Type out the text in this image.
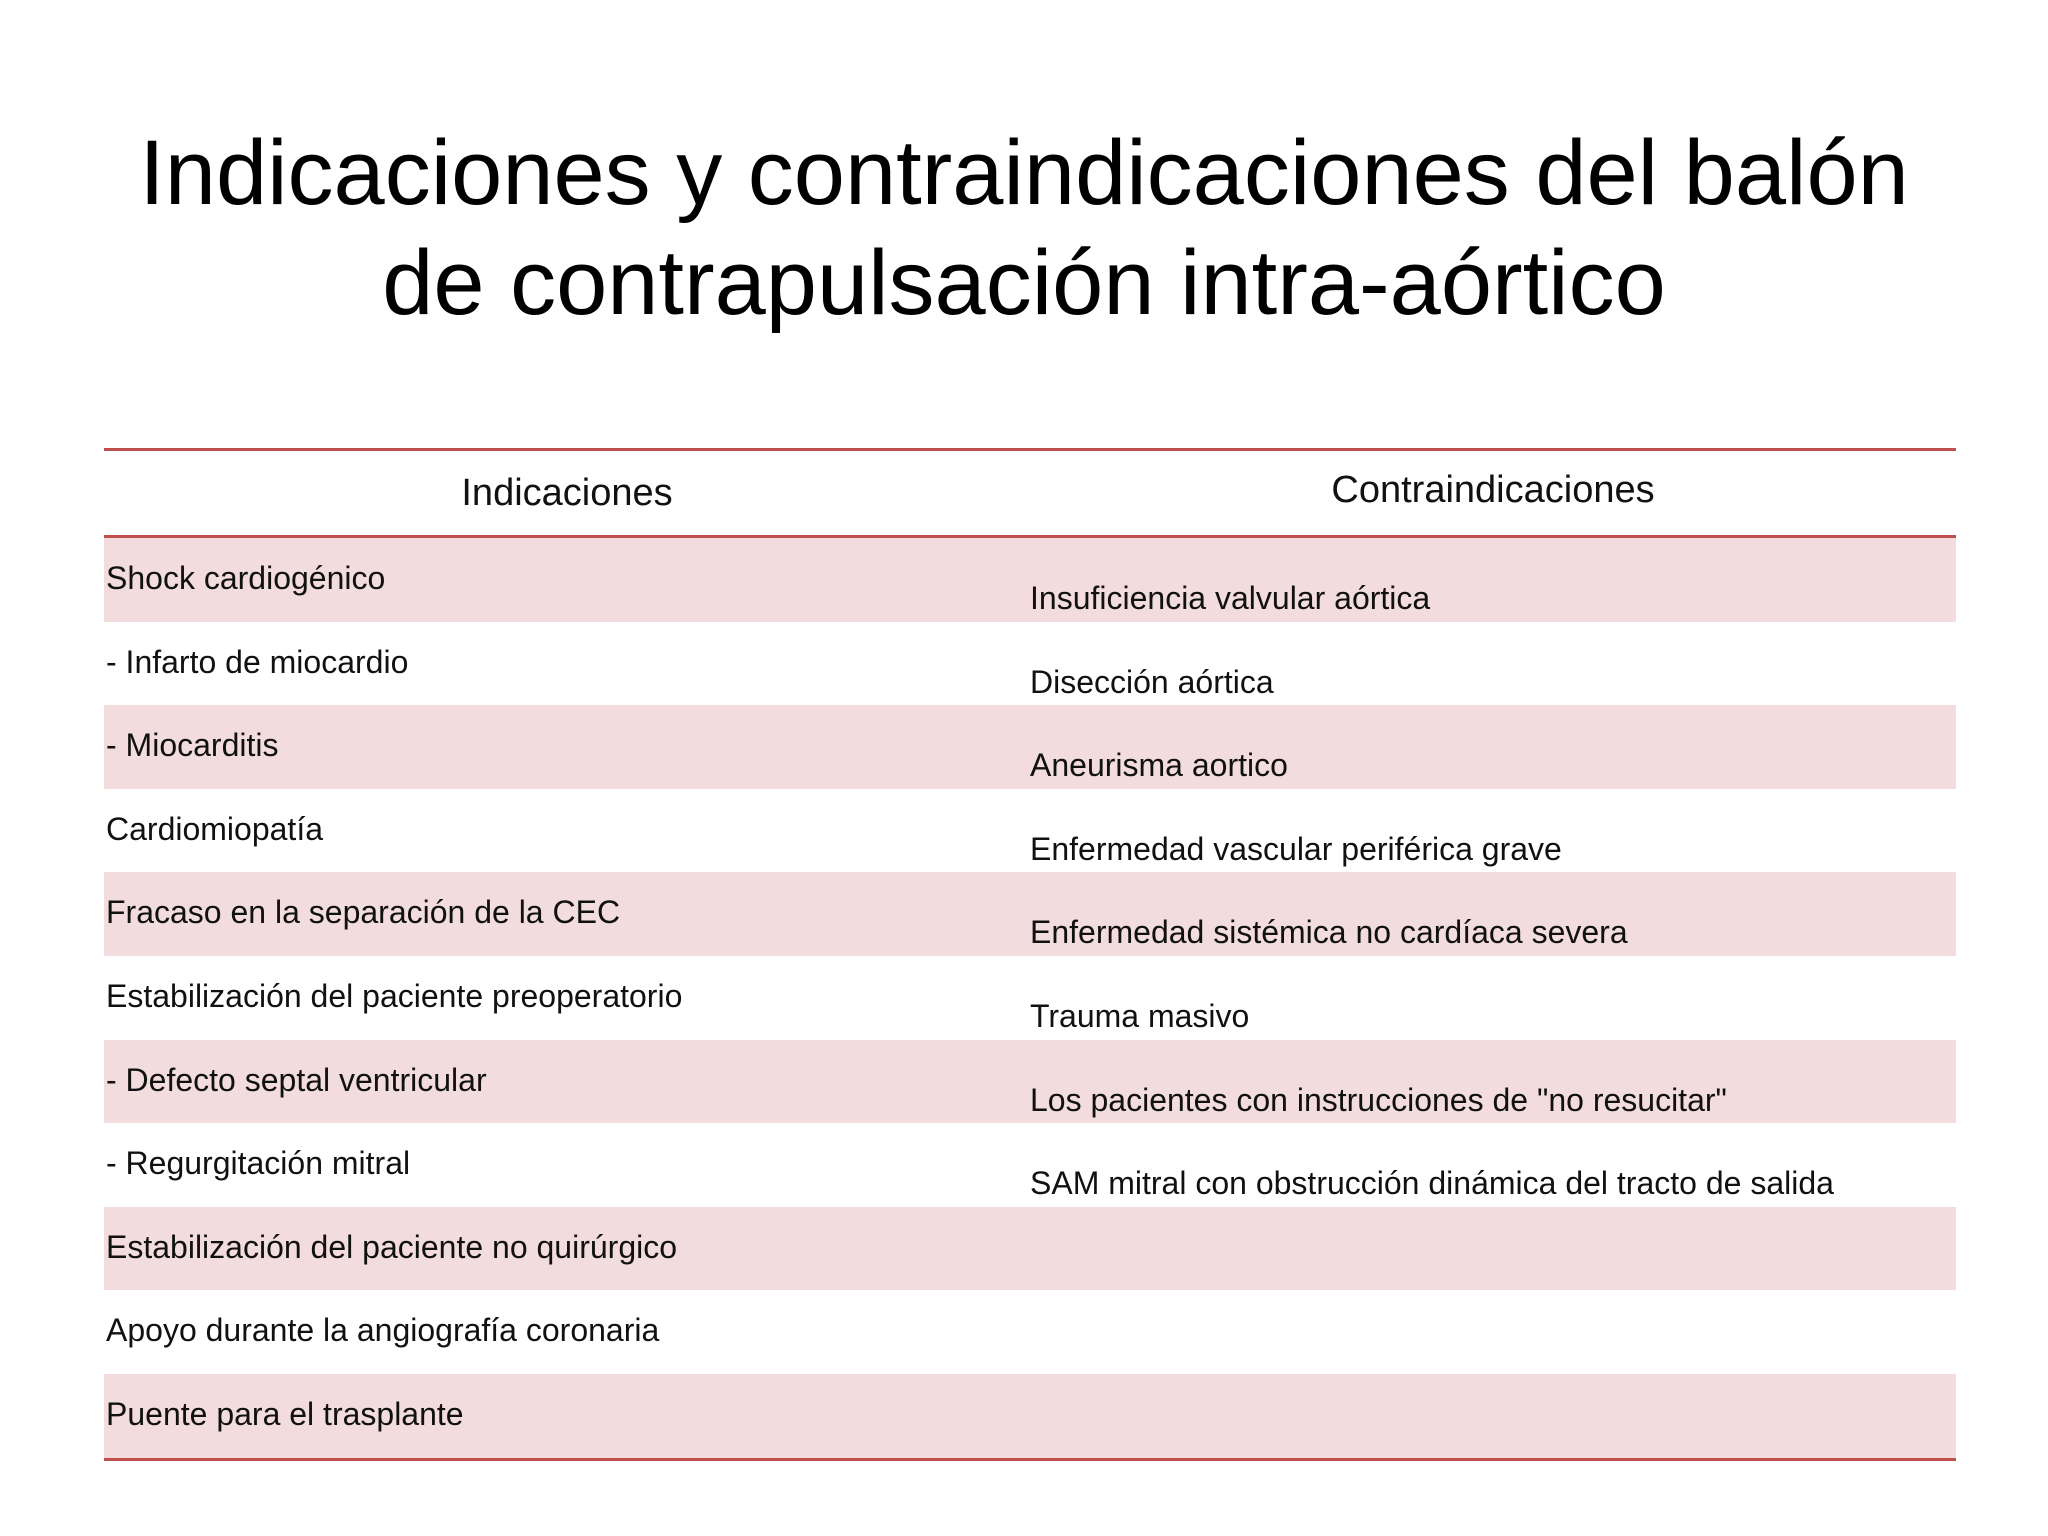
Indicaciones y contraindicaciones del balón
de contrapulsación intra-aórtico
Indicaciones	Contraindicaciones
Shock cardiogénico
Insuficiencia valvular aórtica
- Infarto de miocardio
Disección aórtica
- Miocarditis
Aneurisma aortico
Cardiomiopatía
Enfermedad vascular periférica grave
Fracaso en la separación de la CEC
Enfermedad sistémica no cardíaca severa
Estabilización del paciente preoperatorio
Trauma masivo
- Defecto septal ventricular
Los pacientes con instrucciones de "no resucitar"
- Regurgitación mitral
SAM mitral con obstrucción dinámica del tracto de salida
Estabilización del paciente no quirúrgico
Apoyo durante la angiografía coronaria
Puente para el trasplante
